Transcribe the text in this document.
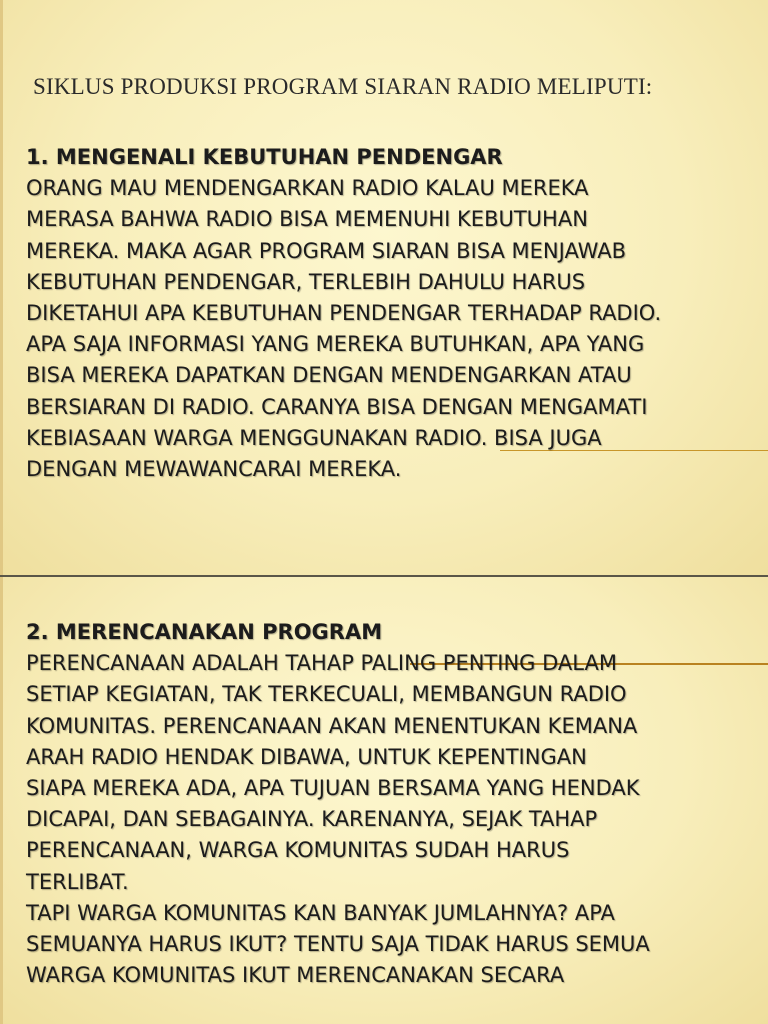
SIKLUS PRODUKSI PROGRAM SIARAN RADIO MELIPUTI:
1. MENGENALI KEBUTUHAN PENDENGAR
ORANG MAU MENDENGARKAN RADIO KALAU MEREKA
MERASA BAHWA RADIO BISA MEMENUHI KEBUTUHAN
MEREKA. MAKA AGAR PROGRAM SIARAN BISA MENJAWAB
KEBUTUHAN PENDENGAR, TERLEBIH DAHULU HARUS
DIKETAHUI APA KEBUTUHAN PENDENGAR TERHADAP RADIO.
APA SAJA INFORMASI YANG MEREKA BUTUHKAN, APA YANG
BISA MEREKA DAPATKAN DENGAN MENDENGARKAN ATAU
BERSIARAN DI RADIO. CARANYA BISA DENGAN MENGAMATI
KEBIASAAN WARGA MENGGUNAKAN RADIO. BISA JUGA
DENGAN MEWAWANCARAI MEREKA.
2. MERENCANAKAN PROGRAM
PERENCANAAN ADALAH TAHAP PALING PENTING DALAM
SETIAP KEGIATAN, TAK TERKECUALI, MEMBANGUN RADIO
KOMUNITAS. PERENCANAAN AKAN MENENTUKAN KEMANA
ARAH RADIO HENDAK DIBAWA, UNTUK KEPENTINGAN
SIAPA MEREKA ADA, APA TUJUAN BERSAMA YANG HENDAK
DICAPAI, DAN SEBAGAINYA. KARENANYA, SEJAK TAHAP
PERENCANAAN, WARGA KOMUNITAS SUDAH HARUS
TERLIBAT.
TAPI WARGA KOMUNITAS KAN BANYAK JUMLAHNYA? APA
SEMUANYA HARUS IKUT? TENTU SAJA TIDAK HARUS SEMUA
WARGA KOMUNITAS IKUT MERENCANAKAN SECARA
